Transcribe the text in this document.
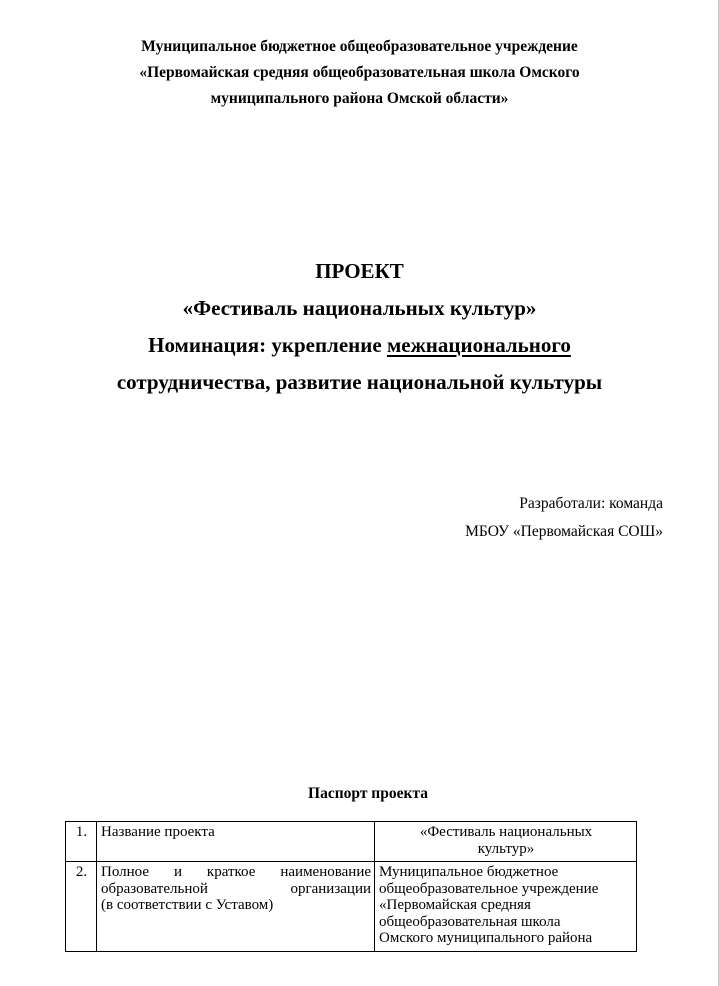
Муниципальное бюджетное общеобразовательное учреждение
«Первомайская средняя общеобразовательная школа Омского
муниципального района Омской области»
ПРОЕКТ
«Фестиваль национальных культур»
Номинация: укрепление межнационального
сотрудничества, развитие национальной культуры
Разработали: команда
МБОУ «Первомайская СОШ»
Паспорт проекта
1.	Название проекта	«Фестиваль национальных
культур»

2.	Полное и краткое наименование
образовательной организации
(в соответствии с Уставом)	Муниципальное бюджетное
общеобразовательное учреждение
«Первомайская средняя
общеобразовательная школа
Омского муниципального района
